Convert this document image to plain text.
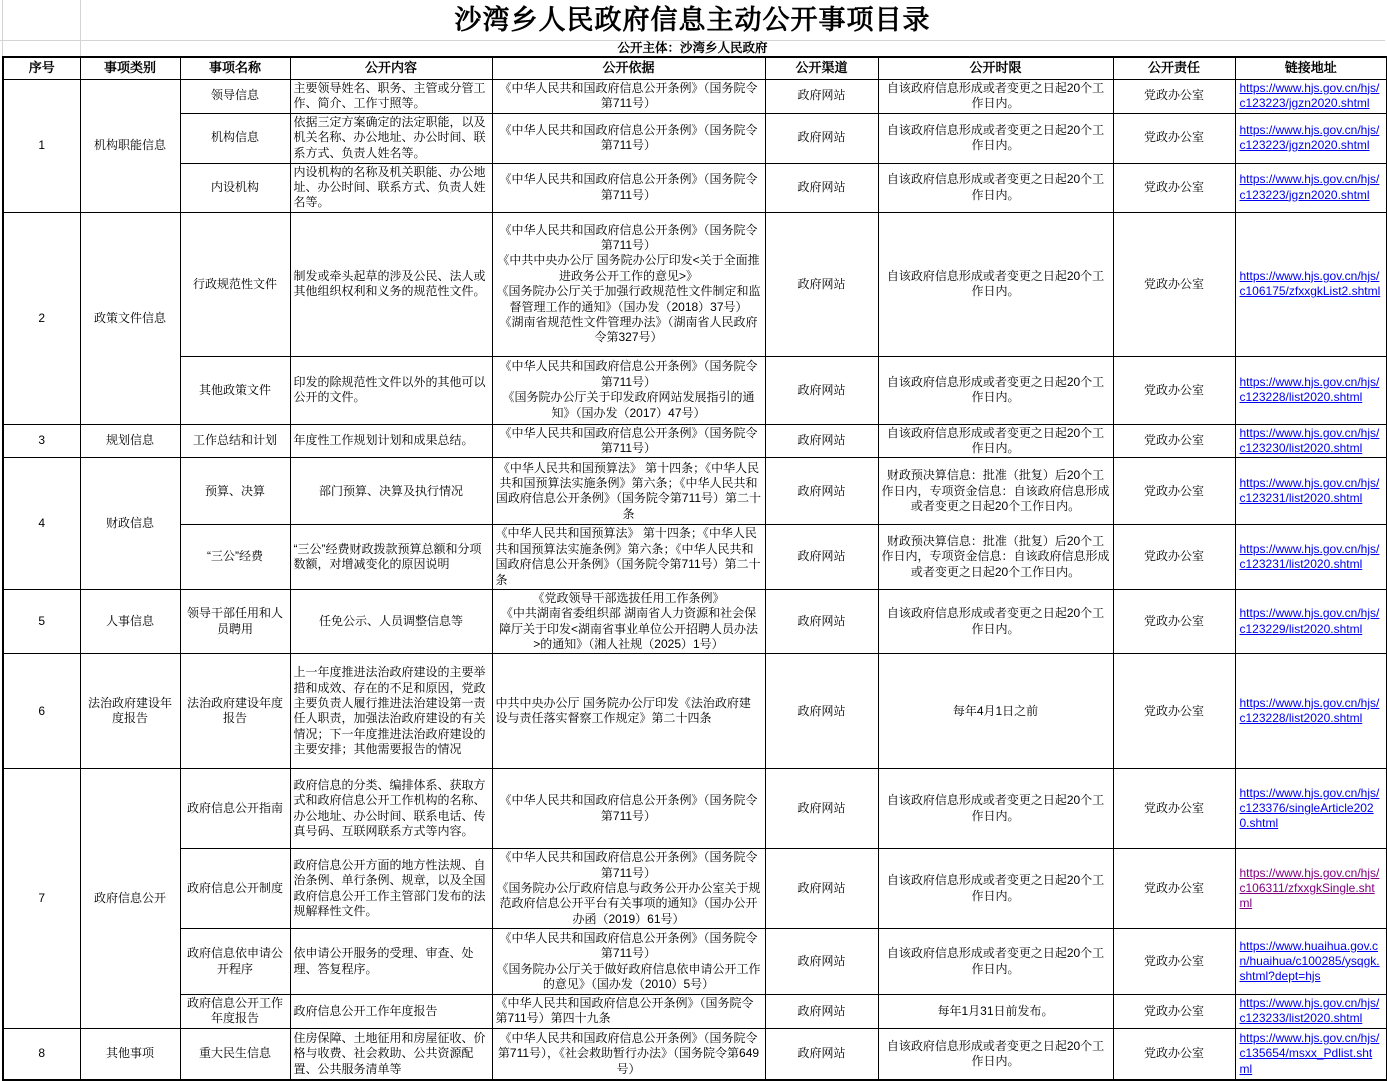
沙湾乡人民政府信息主动公开事项目录
公开主体：沙湾乡人民政府
序号	事项类别	事项名称	公开内容	公开依据	公开渠道	公开时限	公开责任	链接地址
1	机构职能信息	领导信息	主要领导姓名、职务、主管或分管工作、简介、工作寸照等。	《中华人民共和国政府信息公开条例》（国务院令第711号）	政府网站	自该政府信息形成或者变更之日起20个工作日内。	党政办公室	https://www.hjs.gov.cn/hjs/c123223/jgzn2020.shtml
		机构信息	依据三定方案确定的法定职能，以及机关名称、办公地址、办公时间、联系方式、负责人姓名等。	《中华人民共和国政府信息公开条例》（国务院令第711号）	政府网站	自该政府信息形成或者变更之日起20个工作日内。	党政办公室	https://www.hjs.gov.cn/hjs/c123223/jgzn2020.shtml
		内设机构	内设机构的名称及机关职能、办公地址、办公时间、联系方式、负责人姓名等。	《中华人民共和国政府信息公开条例》（国务院令第711号）	政府网站	自该政府信息形成或者变更之日起20个工作日内。	党政办公室	https://www.hjs.gov.cn/hjs/c123223/jgzn2020.shtml
2	政策文件信息	行政规范性文件	制发或牵头起草的涉及公民、法人或其他组织权利和义务的规范性文件。	《中华人民共和国政府信息公开条例》（国务院令第711号）
《中共中央办公厅 国务院办公厅印发<关于全面推进政务公开工作的意见>》
《国务院办公厅关于加强行政规范性文件制定和监督管理工作的通知》（国办发（2018）37号）
《湖南省规范性文件管理办法》（湖南省人民政府令第327号）	政府网站	自该政府信息形成或者变更之日起20个工作日内。	党政办公室	https://www.hjs.gov.cn/hjs/c106175/zfxxgkList2.shtml
		其他政策文件	印发的除规范性文件以外的其他可以公开的文件。	《中华人民共和国政府信息公开条例》（国务院令第711号）
《国务院办公厅关于印发政府网站发展指引的通知》（国办发（2017）47号）	政府网站	自该政府信息形成或者变更之日起20个工作日内。	党政办公室	https://www.hjs.gov.cn/hjs/c123228/list2020.shtml
3	规划信息	工作总结和计划	年度性工作规划计划和成果总结。	《中华人民共和国政府信息公开条例》（国务院令第711号）	政府网站	自该政府信息形成或者变更之日起20个工作日内。	党政办公室	https://www.hjs.gov.cn/hjs/c123230/list2020.shtml
4	财政信息	预算、决算	部门预算、决算及执行情况	《中华人民共和国预算法》 第十四条；《中华人民共和国预算法实施条例》第六条；《中华人民共和国政府信息公开条例》（国务院令第711号）第二十条	政府网站	财政预决算信息：批准（批复）后20个工作日内，专项资金信息：自该政府信息形成或者变更之日起20个工作日内。	党政办公室	https://www.hjs.gov.cn/hjs/c123231/list2020.shtml
		“三公”经费	“三公”经费财政拨款预算总额和分项数额，对增减变化的原因说明	《中华人民共和国预算法》 第十四条；《中华人民共和国预算法实施条例》第六条；《中华人民共和国政府信息公开条例》（国务院令第711号）第二十条	政府网站	财政预决算信息：批准（批复）后20个工作日内，专项资金信息：自该政府信息形成或者变更之日起20个工作日内。	党政办公室	https://www.hjs.gov.cn/hjs/c123231/list2020.shtml
5	人事信息	领导干部任用和人员聘用	任免公示、人员调整信息等	《党政领导干部选拔任用工作条例》
《中共湖南省委组织部 湖南省人力资源和社会保障厅关于印发<湖南省事业单位公开招聘人员办法>的通知》（湘人社规（2025）1号）	政府网站	自该政府信息形成或者变更之日起20个工作日内。	党政办公室	https://www.hjs.gov.cn/hjs/c123229/list2020.shtml
6	法治政府建设年度报告	法治政府建设年度报告	上一年度推进法治政府建设的主要举措和成效、存在的不足和原因，党政主要负责人履行推进法治建设第一责任人职责，加强法治政府建设的有关情况；下一年度推进法治政府建设的主要安排；其他需要报告的情况	中共中央办公厅 国务院办公厅印发《法治政府建设与责任落实督察工作规定》第二十四条	政府网站	每年4月1日之前	党政办公室	https://www.hjs.gov.cn/hjs/c123228/list2020.shtml
7	政府信息公开	政府信息公开指南	政府信息的分类、编排体系、获取方式和政府信息公开工作机构的名称、办公地址、办公时间、联系电话、传真号码、互联网联系方式等内容。	《中华人民共和国政府信息公开条例》（国务院令第711号）	政府网站	自该政府信息形成或者变更之日起20个工作日内。	党政办公室	https://www.hjs.gov.cn/hjs/c123376/singleArticle2020.shtml
		政府信息公开制度	政府信息公开方面的地方性法规、自治条例、单行条例、规章，以及全国政府信息公开工作主管部门发布的法规解释性文件。	《中华人民共和国政府信息公开条例》（国务院令第711号）
《国务院办公厅政府信息与政务公开办公室关于规范政府信息公开平台有关事项的通知》（国办公开办函（2019）61号）	政府网站	自该政府信息形成或者变更之日起20个工作日内。	党政办公室	https://www.hjs.gov.cn/hjs/c106311/zfxxgkSingle.shtml
		政府信息依申请公开程序	依申请公开服务的受理、审查、处理、答复程序。	《中华人民共和国政府信息公开条例》（国务院令第711号）
《国务院办公厅关于做好政府信息依申请公开工作的意见》（国办发（2010）5号）	政府网站	自该政府信息形成或者变更之日起20个工作日内。	党政办公室	https://www.huaihua.gov.cn/huaihua/c100285/ysqgk.shtml?dept=hjs
		政府信息公开工作年度报告	政府信息公开工作年度报告	《中华人民共和国政府信息公开条例》（国务院令第711号）第四十九条	政府网站	每年1月31日前发布。	党政办公室	https://www.hjs.gov.cn/hjs/c123233/list2020.shtml
8	其他事项	重大民生信息	住房保障、土地征用和房屋征收、价格与收费、社会救助、公共资源配置、公共服务清单等	《中华人民共和国政府信息公开条例》（国务院令第711号），《社会救助暂行办法》（国务院令第649号）	政府网站	自该政府信息形成或者变更之日起20个工作日内。	党政办公室	https://www.hjs.gov.cn/hjs/c135654/msxx_Pdlist.shtml
